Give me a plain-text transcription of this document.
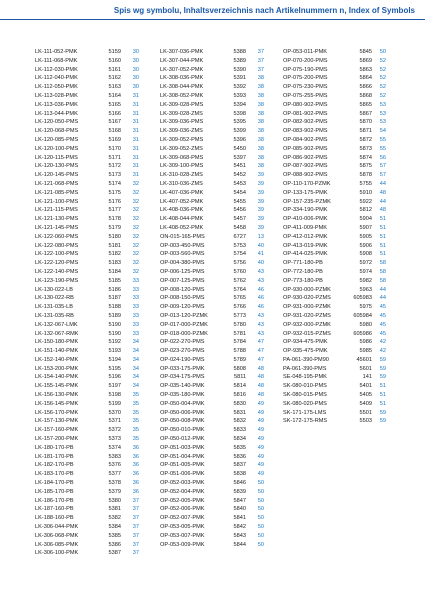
Spis wg symbolu, Inhaltsverzeichnis nach Artikelnummern n, Index of Symbols
LK-111-052-PMK	5159	30
LK-111-068-PMK	5160	30
LK-112-030-PMK	5161	30
LK-112-040-PMK	5162	30
LK-112-050-PMK	5163	30
LK-113-028-PMK	5164	31
LK-113-036-PMK	5165	31
LK-113-044-PMK	5166	31
LK-120-050-PMS	5167	31
LK-120-068-PMS	5168	31
LK-120-085-PMS	5169	31
LK-120-100-PMS	5170	31
LK-120-115-PMS	5171	31
LK-120-130-PMS	5172	31
LK-120-145-PMS	5173	31
LK-121-068-PMS	5174	32
LK-121-085-PMS	5175	32
LK-121-100-PMS	5176	32
LK-121-115-PMS	5177	32
LK-121-130-PMS	5178	32
LK-121-145-PMS	5179	32
LK-122-060-PMS	5180	32
LK-122-080-PMS	5181	32
LK-122-100-PMS	5182	32
LK-122-120-PMS	5183	32
LK-122-140-PMS	5184	32
LK-123-190-PMS	5185	33
LK-130-022-LB	5186	33
LK-130-022-RB	5187	33
LK-131-035-LB	5188	33
LK-131-035-RB	5189	33
LK-132-067-LMK	5190	33
LK-132-067-RMK	5190	33
LK-150-180-PMK	5192	34
LK-151-140-PMK	5193	34
LK-152-140-PMK	5194	34
LK-153-200-PMK	5195	34
LK-154-140-PMK	5196	34
LK-155-145-PMK	5197	34
LK-156-130-PMK	5198	35
LK-156-145-PMK	5199	35
LK-156-170-PMK	5370	35
LK-157-130-PMK	5371	35
LK-157-160-PMK	5372	35
LK-157-200-PMK	5373	35
LK-180-170-PB	5374	36
LK-181-170-PB	5383	36
LK-182-170-PB	5376	36
LK-183-170-PB	5377	36
LK-184-170-PB	5378	36
LK-185-170-PB	5379	36
LK-186-170-PB	5380	37
LK-187-160-PB	5381	37
LK-188-160-PB	5382	37
LK-306-044-PMK	5384	37
LK-306-068-PMK	5385	37
LK-306-085-PMK	5386	37
LK-306-100-PMK	5387	37
LK-307-036-PMK	5388	37
LK-307-044-PMK	5389	37
LK-307-052-PMK	5390	37
LK-308-036-PMK	5391	38
LK-308-044-PMK	5392	38
LK-308-052-PMK	5393	38
LK-309-028-PMS	5394	38
LK-309-028-ZMS	5398	38
LK-309-036-PMS	5395	38
LK-309-036-ZMS	5399	38
LK-309-052-PMS	5396	38
LK-309-052-ZMS	5450	38
LK-309-068-PMS	5397	38
LK-309-100-PMS	5451	38
LK-310-028-ZMS	5452	39
LK-310-036-ZMS	5453	39
LK-407-036-PMK	5454	39
LK-407-052-PMK	5455	39
LK-408-036-PMK	5456	39
LK-408-044-PMK	5457	39
LK-408-052-PMK	5458	39
ON-015-165-PMS	6727	13
OP-003-450-PMS	5753	40
OP-003-560-PMS	5754	41
OP-004-380-PMS	5756	40
OP-006-125-PMS	5760	43
OP-007-125-PMS	5762	43
OP-008-120-PMS	5764	46
OP-008-150-PMS	5765	46
OP-009-120-PMS	5766	46
OP-013-120-PZMK	5773	43
OP-017-000-PZMK	5780	43
OP-018-000-PZMK	5781	43
OP-022-270-PMS	5784	47
OP-023-270-PMS	5788	47
OP-024-190-PMS	5789	47
OP-033-175-PMK	5808	48
OP-034-175-PMS	5811	48
OP-035-140-PMK	5814	48
OP-035-180-PMK	5816	48
OP-050-004-PMK	5830	49
OP-050-006-PMK	5831	49
OP-050-008-PMK	5832	49
OP-050-010-PMK	5833	49
OP-050-012-PMK	5834	49
OP-051-003-PMK	5835	49
OP-051-004-PMK	5836	49
OP-051-005-PMK	5837	49
OP-051-006-PMK	5838	49
OP-052-003-PMK	5846	50
OP-052-004-PMK	5839	50
OP-052-005-PMK	5847	50
OP-052-006-PMK	5840	50
OP-052-007-PMK	5841	50
OP-053-005-PMK	5842	50
OP-053-007-PMK	5843	50
OP-053-009-PMK	5844	50
OP-053-011-PMK	5845	50
OP-070-200-PMS	5869	52
OP-075-190-PMS	5863	52
OP-075-200-PMS	5864	52
OP-075-230-PMS	5866	52
OP-075-255-PMS	5868	52
OP-080-902-PMS	5865	53
OP-081-902-PMS	5867	53
OP-082-902-PMS	5870	53
OP-083-902-PMS	5871	54
OP-084-902-PMS	5872	55
OP-085-902-PMS	5873	55
OP-086-902-PMS	5874	56
OP-087-902-PMS	5875	57
OP-088-902-PMS	5878	57
OP-110-170-PZMK	5755	44
OP-133-175-PMK	5910	48
OP-157-235-PZMK	5922	44
OP-334-190-PMK	5812	48
OP-410-006-PMK	5904	51
OP-411-009-PMK	5907	51
OP-412-012-PMK	5905	51
OP-413-019-PMK	5906	51
OP-414-025-PMK	5908	51
OP-771-180-PB	5972	58
OP-772-180-PB	5974	58
OP-773-180-PB	5982	58
OP-930-000-PZMK	5963	44
OP-930-020-PZMS	605983	44
OP-931-000-PZMK	5975	45
OP-931-020-PZMS	605984	45
OP-932-000-PZMK	5980	45
OP-932-015-PZMS	605986	45
OP-934-475-PMK	5986	42
OP-935-475-PMK	5985	42
PA-061-390-PM90	45601	59
PA-061-390-PMS	5601	59
SE-048-195-PMK	141	59
SK-080-010-PMS	5401	51
SK-080-015-PMS	5405	51
SK-080-020-PMS	5409	51
SK-171-175-LMS	5501	59
SK-172-175-RMS	5503	59
